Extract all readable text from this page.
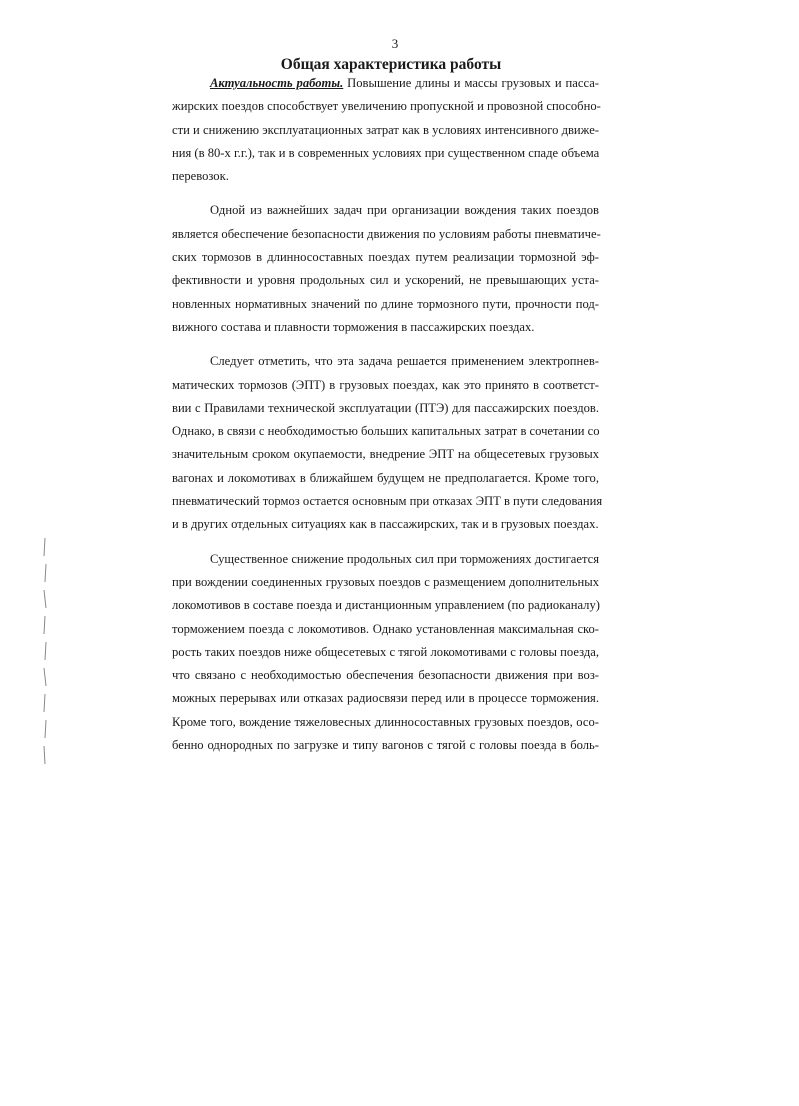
3
Общая характеристика работы
Актуальность работы. Повышение длины и массы грузовых и пасса-
жирских поездов способствует увеличению пропускной и провозной способно-
сти и снижению эксплуатационных затрат как в условиях интенсивного движе-
ния (в 80-х г.г.), так и в современных условиях при существенном спаде объема
перевозок.
Одной из важнейших задач при организации вождения таких поездов
является обеспечение безопасности движения по условиям работы пневматиче-
ских тормозов в длинносоставных поездах путем реализации тормозной эф-
фективности и уровня продольных сил и ускорений, не превышающих уста-
новленных нормативных значений по длине тормозного пути, прочности под-
вижного состава и плавности торможения в пассажирских поездах.
Следует отметить, что эта задача решается применением электропнев-
матических тормозов (ЭПТ) в грузовых поездах, как это принято в соответст-
вии с Правилами технической эксплуатации (ПТЭ) для пассажирских поездов.
Однако, в связи с необходимостью больших капитальных затрат в сочетании со
значительным сроком окупаемости, внедрение ЭПТ на общесетевых грузовых
вагонах и локомотивах в ближайшем будущем не предполагается. Кроме того,
пневматический тормоз остается основным при отказах ЭПТ в пути следования
и в других отдельных ситуациях как в пассажирских, так и в грузовых поездах.
Существенное снижение продольных сил при торможениях достигается
при вождении соединенных грузовых поездов с размещением дополнительных
локомотивов в составе поезда и дистанционным управлением (по радиоканалу)
торможением поезда с локомотивов. Однако установленная максимальная ско-
рость таких поездов ниже общесетевых с тягой локомотивами с головы поезда,
что связано с необходимостью обеспечения безопасности движения при воз-
можных перерывах или отказах радиосвязи перед или в процессе торможения.
Кроме того, вождение тяжеловесных длинносоставных грузовых поездов, осо-
бенно однородных по загрузке и типу вагонов с тягой с головы поезда в боль-
